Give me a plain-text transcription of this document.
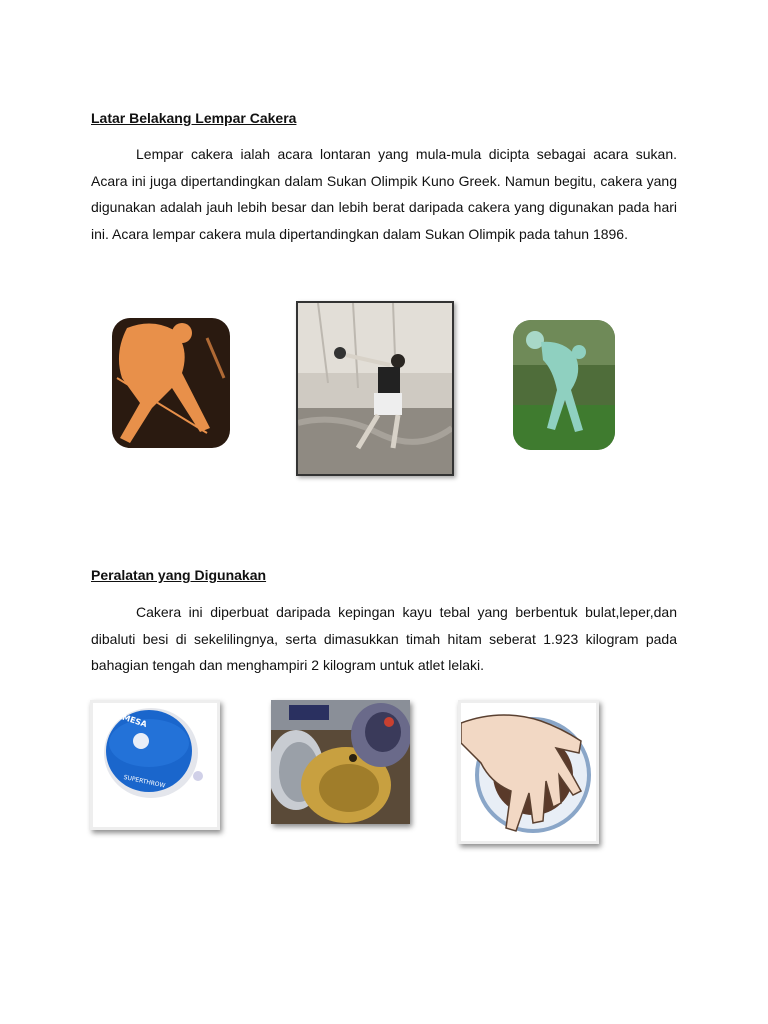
Latar Belakang Lempar Cakera

Lempar cakera ialah acara lontaran yang mula-mula dicipta sebagai acara sukan. Acara ini juga dipertandingkan dalam Sukan Olimpik Kuno Greek. Namun begitu, cakera yang digunakan adalah jauh lebih besar dan lebih berat daripada cakera yang digunakan pada hari ini. Acara lempar cakera mula dipertandingkan dalam Sukan Olimpik pada tahun 1896.

Peralatan yang Digunakan

Cakera ini diperbuat daripada kepingan kayu tebal yang berbentuk bulat,leper,dan dibaluti besi di sekelilingnya, serta dimasukkan timah hitam seberat 1.923 kilogram pada bahagian tengah dan menghampiri 2 kilogram untuk atlet lelaki.

AMESA
SUPERTHROW
